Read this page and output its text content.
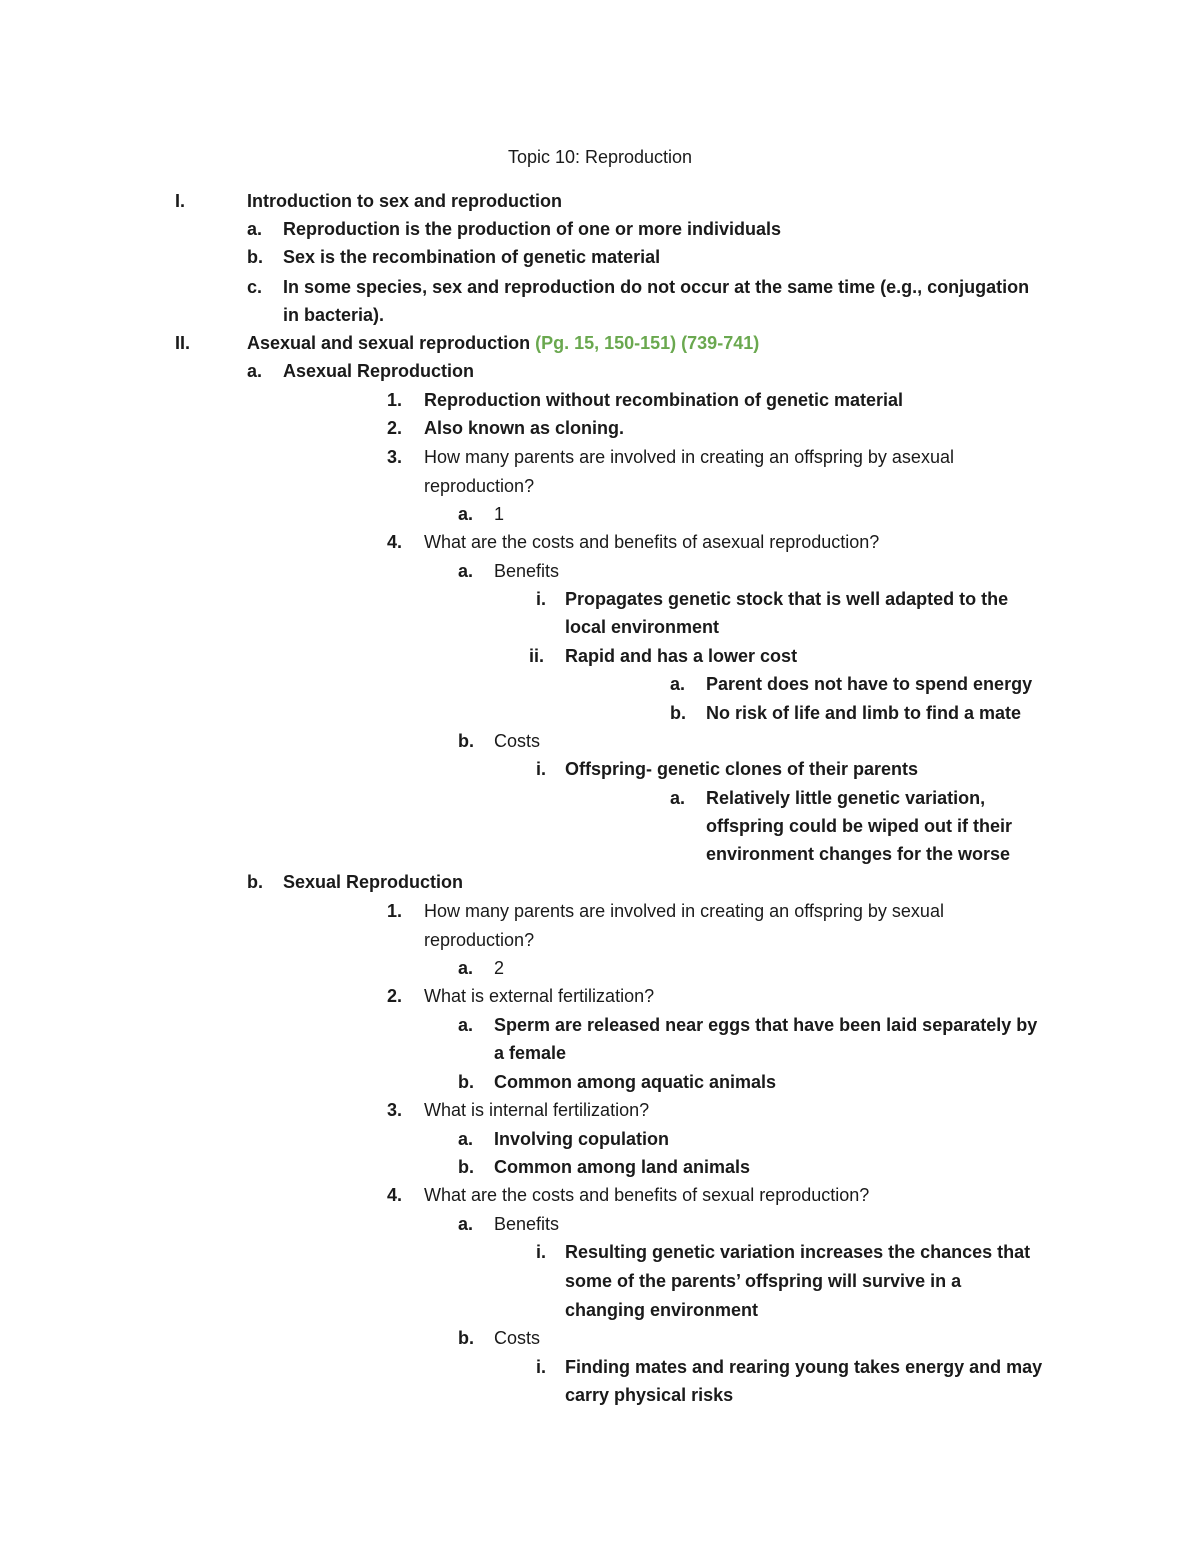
Topic 10: Reproduction
I.	Introduction to sex and reproduction
a. Reproduction is the production of one or more individuals
b. Sex is the recombination of genetic material
c. In some species, sex and reproduction do not occur at the same time (e.g., conjugation
in bacteria).
II.	Asexual and sexual reproduction (Pg. 15, 150-151) (739-741)
a. Asexual Reproduction
1. Reproduction without recombination of genetic material
2. Also known as cloning.
3. How many parents are involved in creating an offspring by asexual
reproduction?
a. 1
4. What are the costs and benefits of asexual reproduction?
a. Benefits
i. Propagates genetic stock that is well adapted to the
local environment
ii. Rapid and has a lower cost
a. Parent does not have to spend energy
b. No risk of life and limb to find a mate
b. Costs
i. Offspring- genetic clones of their parents
a. Relatively little genetic variation,
offspring could be wiped out if their
environment changes for the worse
b. Sexual Reproduction
1. How many parents are involved in creating an offspring by sexual
reproduction?
a. 2
2. What is external fertilization?
a. Sperm are released near eggs that have been laid separately by
a female
b. Common among aquatic animals
3. What is internal fertilization?
a. Involving copulation
b. Common among land animals
4. What are the costs and benefits of sexual reproduction?
a. Benefits
i. Resulting genetic variation increases the chances that
some of the parents’ offspring will survive in a
changing environment
b. Costs
i. Finding mates and rearing young takes energy and may
carry physical risks
